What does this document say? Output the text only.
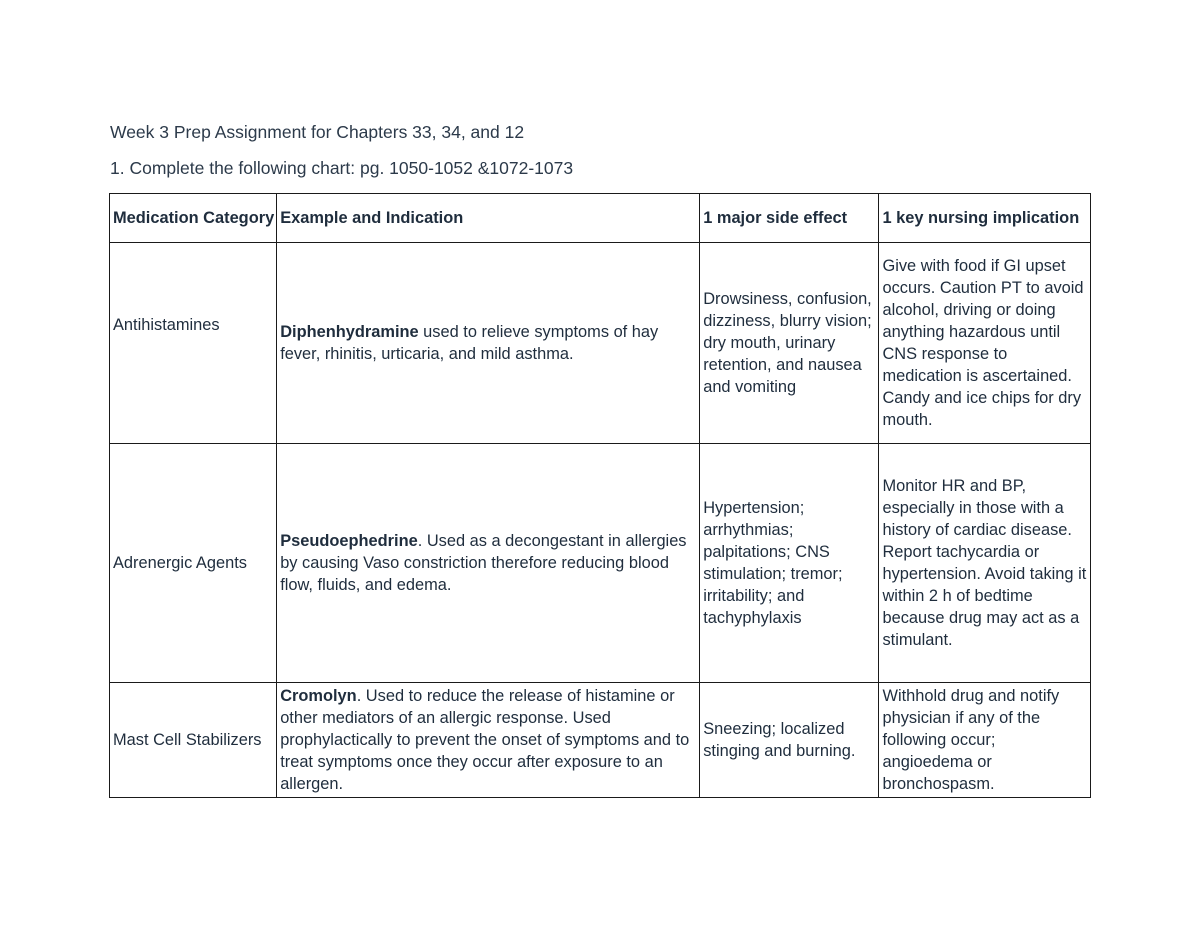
Week 3 Prep Assignment for Chapters 33, 34, and 12
1. Complete the following chart: pg. 1050-1052 &1072-1073
Medication Category	Example and Indication	1 major side effect	1 key nursing implication
Antihistamines	Diphenhydramine used to relieve symptoms of hay fever, rhinitis, urticaria, and mild asthma.	Drowsiness, confusion, dizziness, blurry vision; dry mouth, urinary retention, and nausea and vomiting	Give with food if GI upset occurs. Caution PT to avoid alcohol, driving or doing anything hazardous until CNS response to medication is ascertained. Candy and ice chips for dry mouth.
Adrenergic Agents	Pseudoephedrine. Used as a decongestant in allergies by causing Vaso constriction therefore reducing blood flow, fluids, and edema.	Hypertension; arrhythmias; palpitations; CNS stimulation; tremor; irritability; and tachyphylaxis	Monitor HR and BP, especially in those with a history of cardiac disease. Report tachycardia or hypertension. Avoid taking it within 2 h of bedtime because drug may act as a stimulant.
Mast Cell Stabilizers	Cromolyn. Used to reduce the release of histamine or other mediators of an allergic response. Used prophylactically to prevent the onset of symptoms and to treat symptoms once they occur after exposure to an allergen.	Sneezing; localized stinging and burning.	Withhold drug and notify physician if any of the following occur; angioedema or bronchospasm.
